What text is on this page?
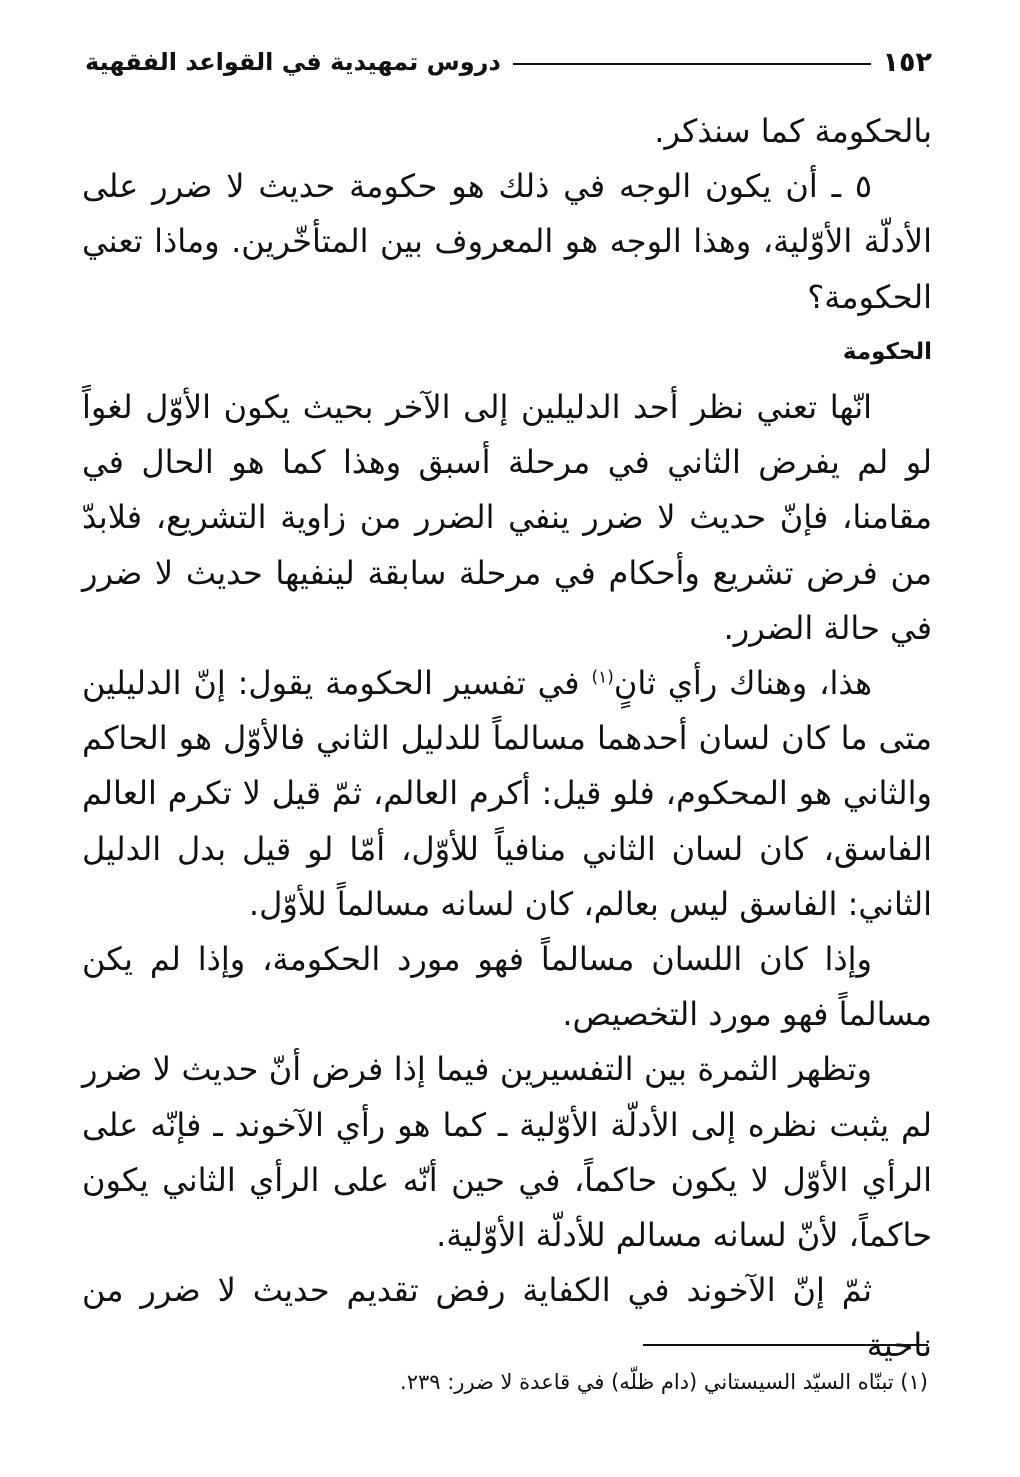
١٥٢
دروس تمهيدية في القواعد الفقهية

بالحكومة كما سنذكر.

٥ ـ أن يكون الوجه في ذلك هو حكومة حديث لا ضرر على الأدلّة الأوّلية، وهذا الوجه هو المعروف بين المتأخّرين. وماذا تعني الحكومة؟

الحكومة

انّها تعني نظر أحد الدليلين إلى الآخر بحيث يكون الأوّل لغواً لو لم يفرض الثاني في مرحلة أسبق وهذا كما هو الحال في مقامنا، فإنّ حديث لا ضرر ينفي الضرر من زاوية التشريع، فلابدّ من فرض تشريع وأحكام في مرحلة سابقة لينفيها حديث لا ضرر في حالة الضرر.

هذا، وهناك رأي ثانٍ$^{(١)}$ في تفسير الحكومة يقول: إنّ الدليلين متى ما كان لسان أحدهما مسالماً للدليل الثاني فالأوّل هو الحاكم والثاني هو المحكوم، فلو قيل: أكرم العالم، ثمّ قيل لا تكرم العالم الفاسق، كان لسان الثاني منافياً للأوّل، أمّا لو قيل بدل الدليل الثاني: الفاسق ليس بعالم، كان لسانه مسالماً للأوّل.

وإذا كان اللسان مسالماً فهو مورد الحكومة، وإذا لم يكن مسالماً فهو مورد التخصيص.

وتظهر الثمرة بين التفسيرين فيما إذا فرض أنّ حديث لا ضرر لم يثبت نظره إلى الأدلّة الأوّلية ـ كما هو رأي الآخوند ـ فإنّه على الرأي الأوّل لا يكون حاكماً، في حين أنّه على الرأي الثاني يكون حاكماً، لأنّ لسانه مسالم للأدلّة الأوّلية.

ثمّ إنّ الآخوند في الكفاية رفض تقديم حديث لا ضرر من ناحية

(١) تبنّاه السيّد السيستاني (دام ظلّه) في قاعدة لا ضرر: ٢٣٩.
